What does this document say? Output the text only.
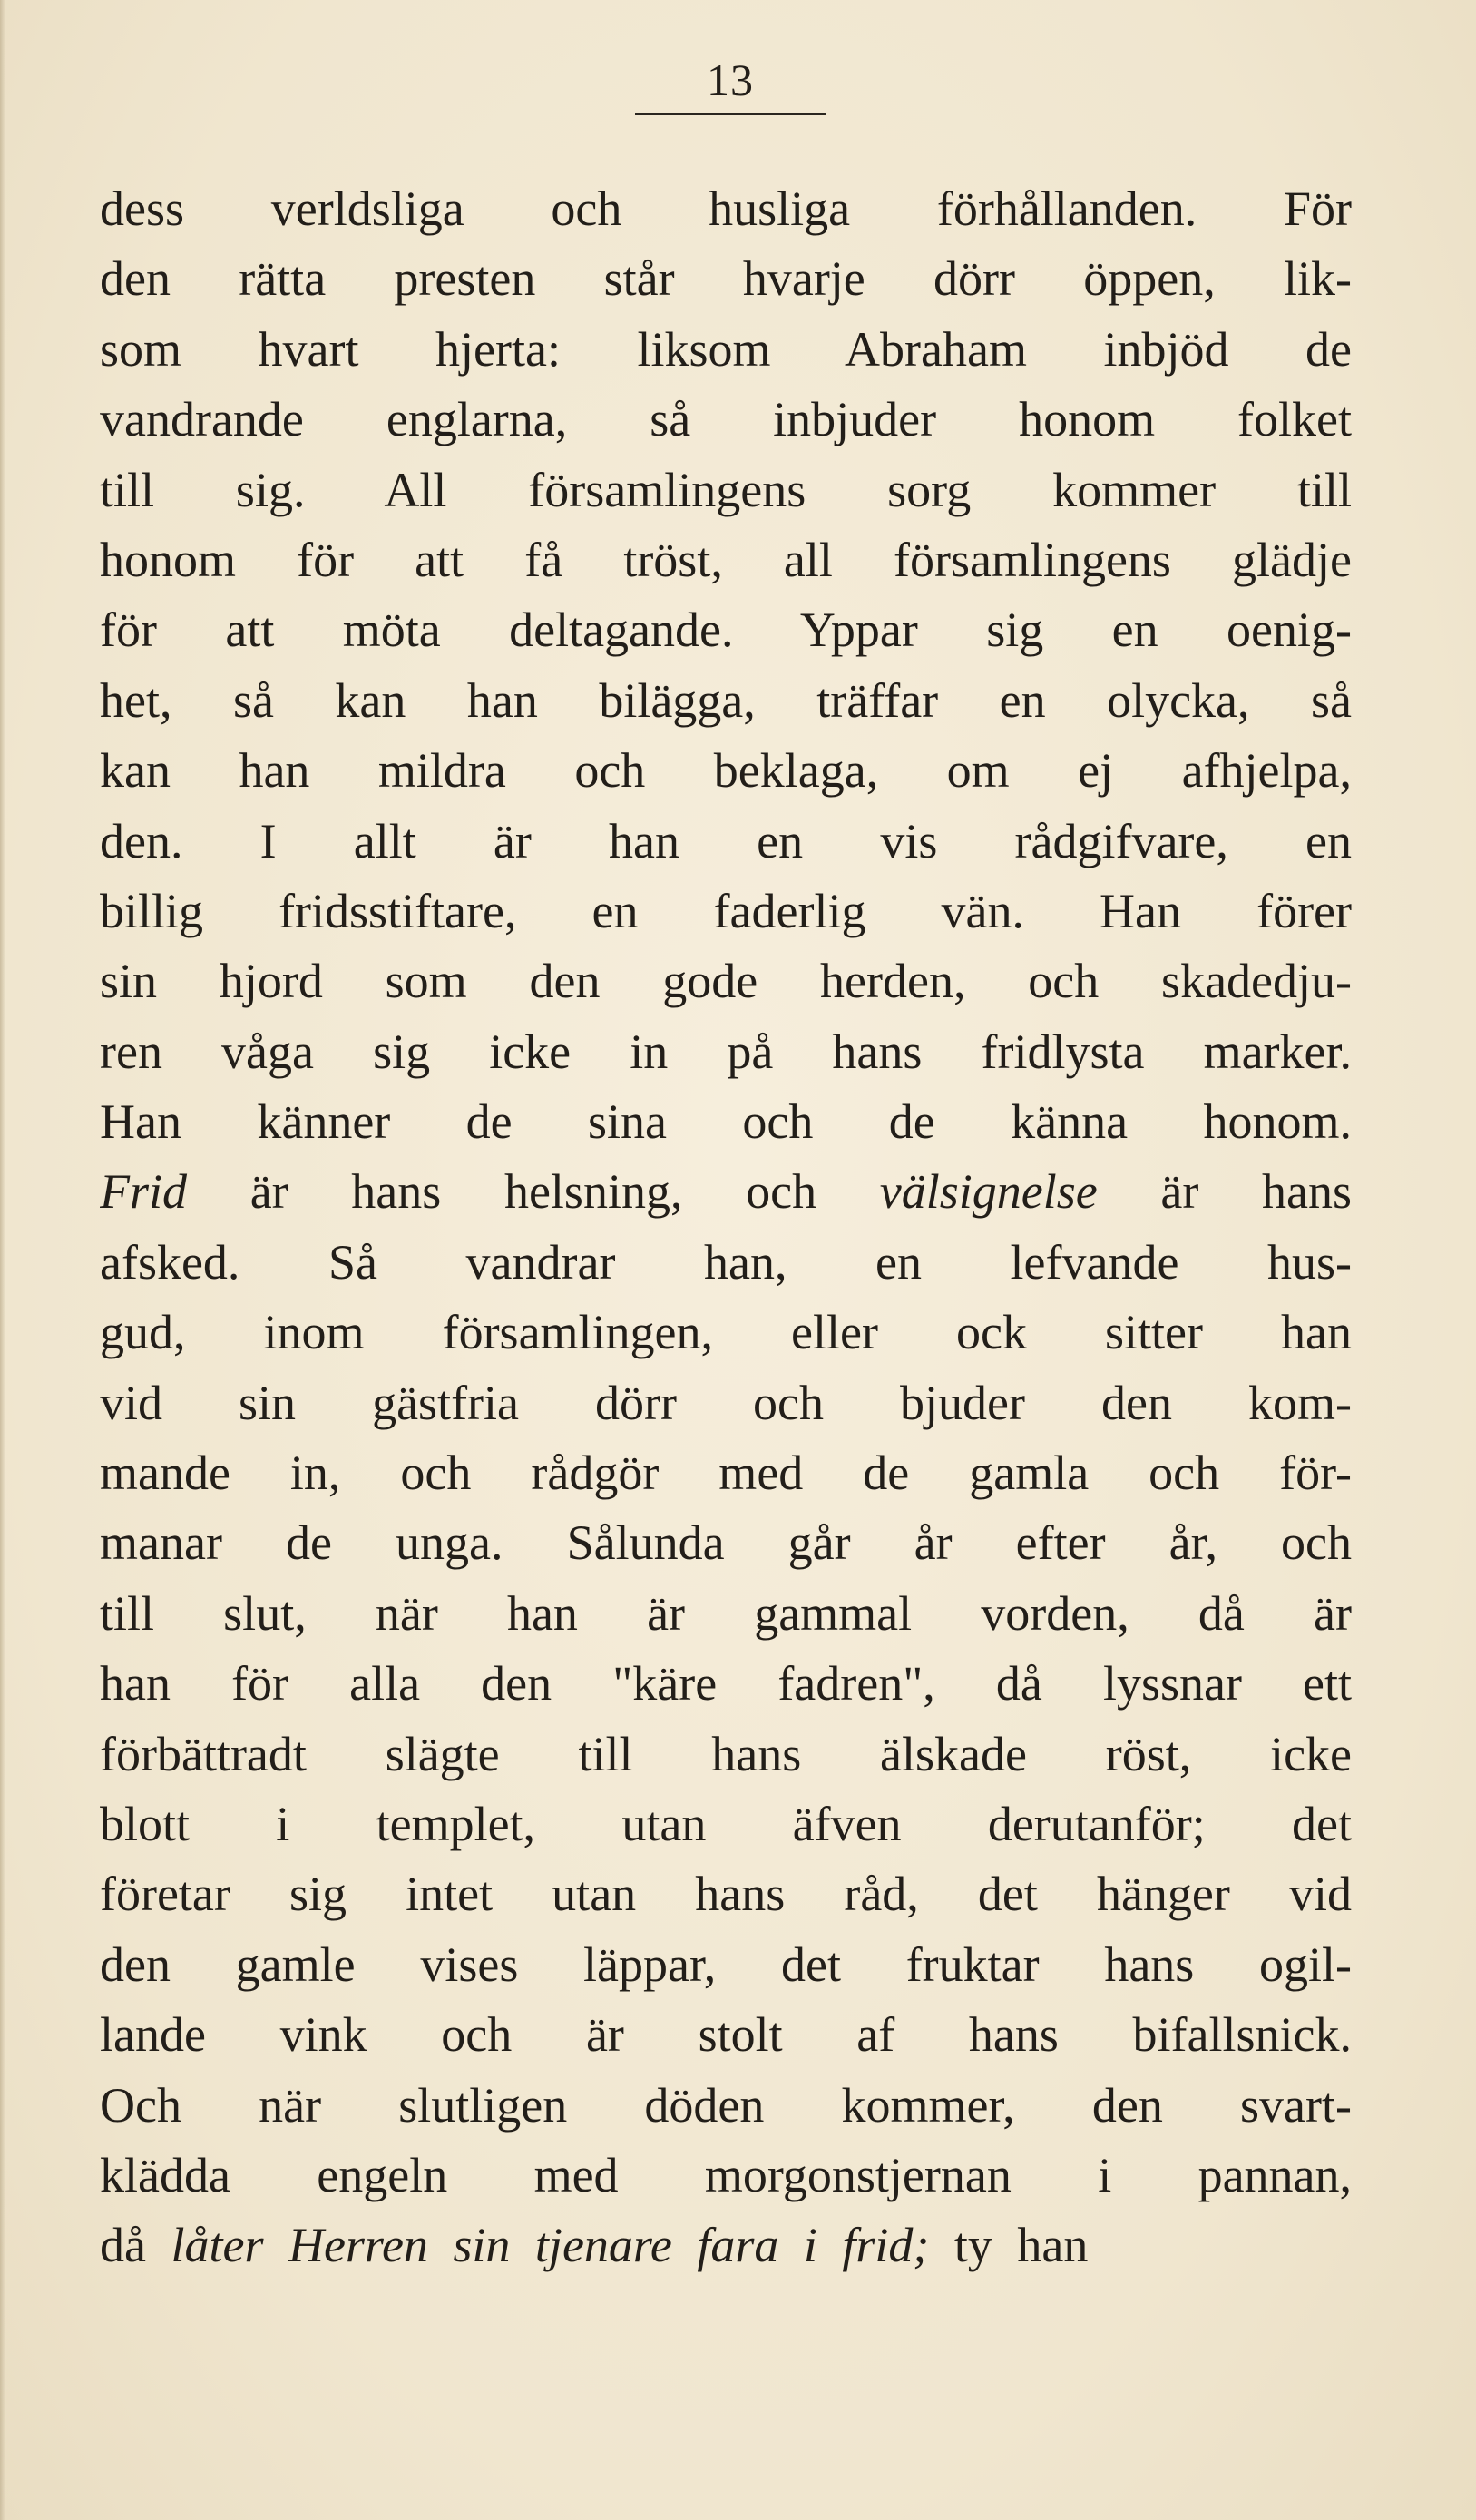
13
dess verldsliga och husliga förhållanden. För
den rätta presten står hvarje dörr öppen, lik-
som hvart hjerta: liksom Abraham inbjöd de
vandrande englarna, så inbjuder honom folket
till sig. All församlingens sorg kommer till
honom för att få tröst, all församlingens glädje
för att möta deltagande. Yppar sig en oenig-
het, så kan han bilägga, träffar en olycka, så
kan han mildra och beklaga, om ej afhjelpa,
den. I allt är han en vis rådgifvare, en
billig fridsstiftare, en faderlig vän. Han förer
sin hjord som den gode herden, och skadedju-
ren våga sig icke in på hans fridlysta marker.
Han känner de sina och de känna honom.
Frid är hans helsning, och välsignelse är hans
afsked. Så vandrar han, en lefvande hus-
gud, inom församlingen, eller ock sitter han
vid sin gästfria dörr och bjuder den kom-
mande in, och rådgör med de gamla och för-
manar de unga. Sålunda går år efter år, och
till slut, när han är gammal vorden, då är
han för alla den "käre fadren", då lyssnar ett
förbättradt slägte till hans älskade röst, icke
blott i templet, utan äfven derutanför; det
företar sig intet utan hans råd, det hänger vid
den gamle vises läppar, det fruktar hans ogil-
lande vink och är stolt af hans bifallsnick.
Och när slutligen döden kommer, den svart-
klädda engeln med morgonstjernan i pannan,
då låter Herren sin tjenare fara i frid; ty han
